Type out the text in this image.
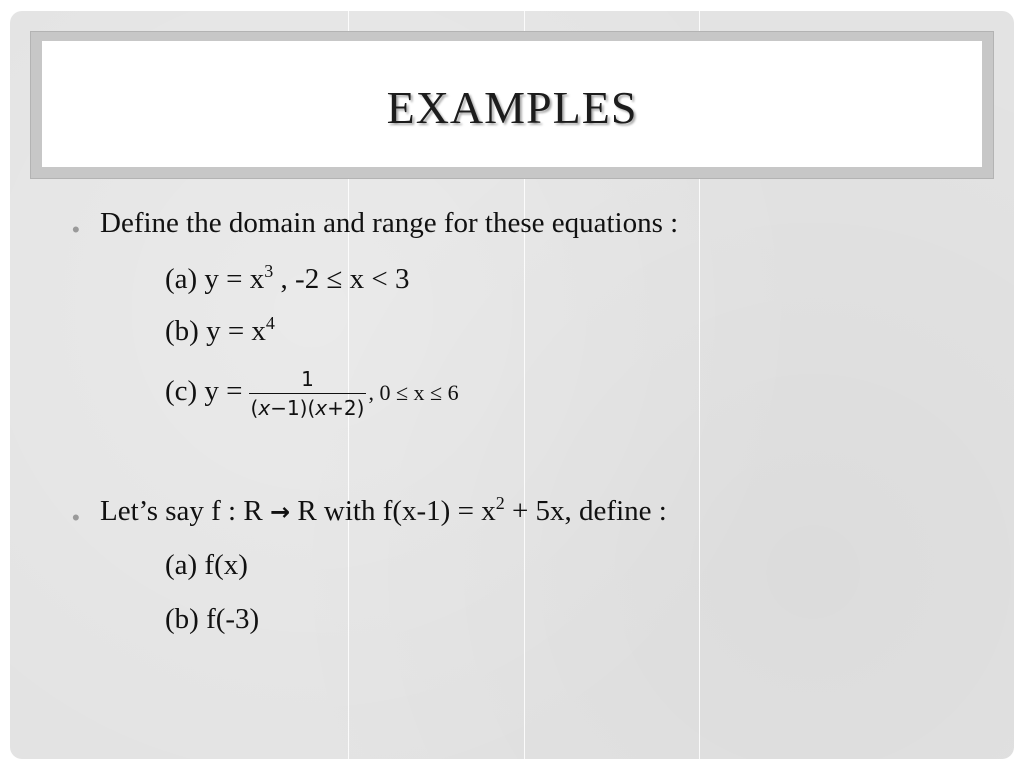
EXAMPLES
• Define the domain and range for these equations :
(a) $y = x^3$ , -2 ≤ x < 3
(b) $y = x^4$
(c) $y = \frac{1}{(x-1)(x+2)}$ , 0 ≤ x ≤ 6
• Let’s say f : R → R with $f(x-1) = x^2 + 5x$, define :
(a) f(x)
(b) f(-3)
